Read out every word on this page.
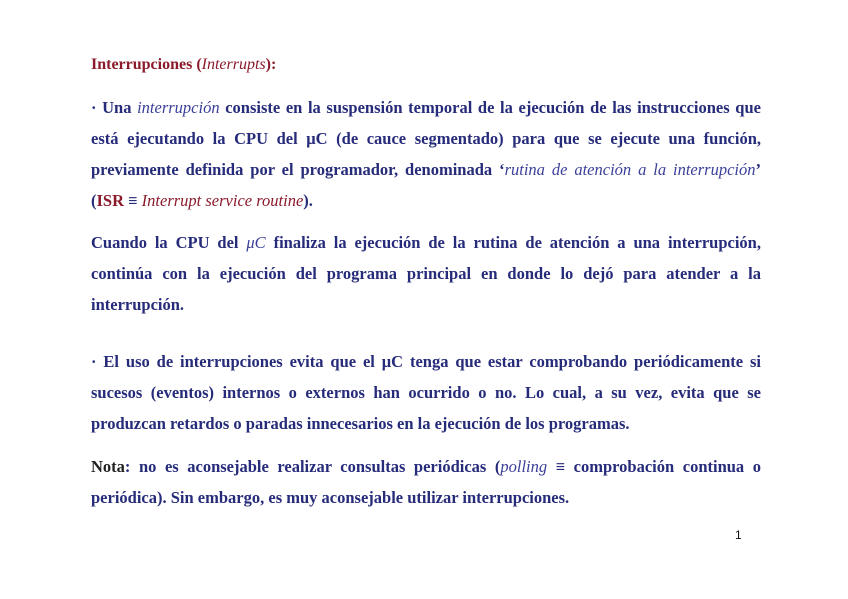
Interrupciones (Interrupts):
· Una interrupción consiste en la suspensión temporal de la ejecución de las instrucciones que está ejecutando la CPU del μC (de cauce segmentado) para que se ejecute una función, previamente definida por el programador, denominada ‘rutina de atención a la interrupción’ (ISR ≡ Interrupt service routine).
Cuando la CPU del μC finaliza la ejecución de la rutina de atención a una interrupción, continúa con la ejecución del programa principal en donde lo dejó para atender a la interrupción.
· El uso de interrupciones evita que el μC tenga que estar comprobando periódicamente si sucesos (eventos) internos o externos han ocurrido o no. Lo cual, a su vez, evita que se produzcan retardos o paradas innecesarios en la ejecución de los programas.
Nota: no es aconsejable realizar consultas periódicas (polling ≡ comprobación continua o periódica). Sin embargo, es muy aconsejable utilizar interrupciones.
1
